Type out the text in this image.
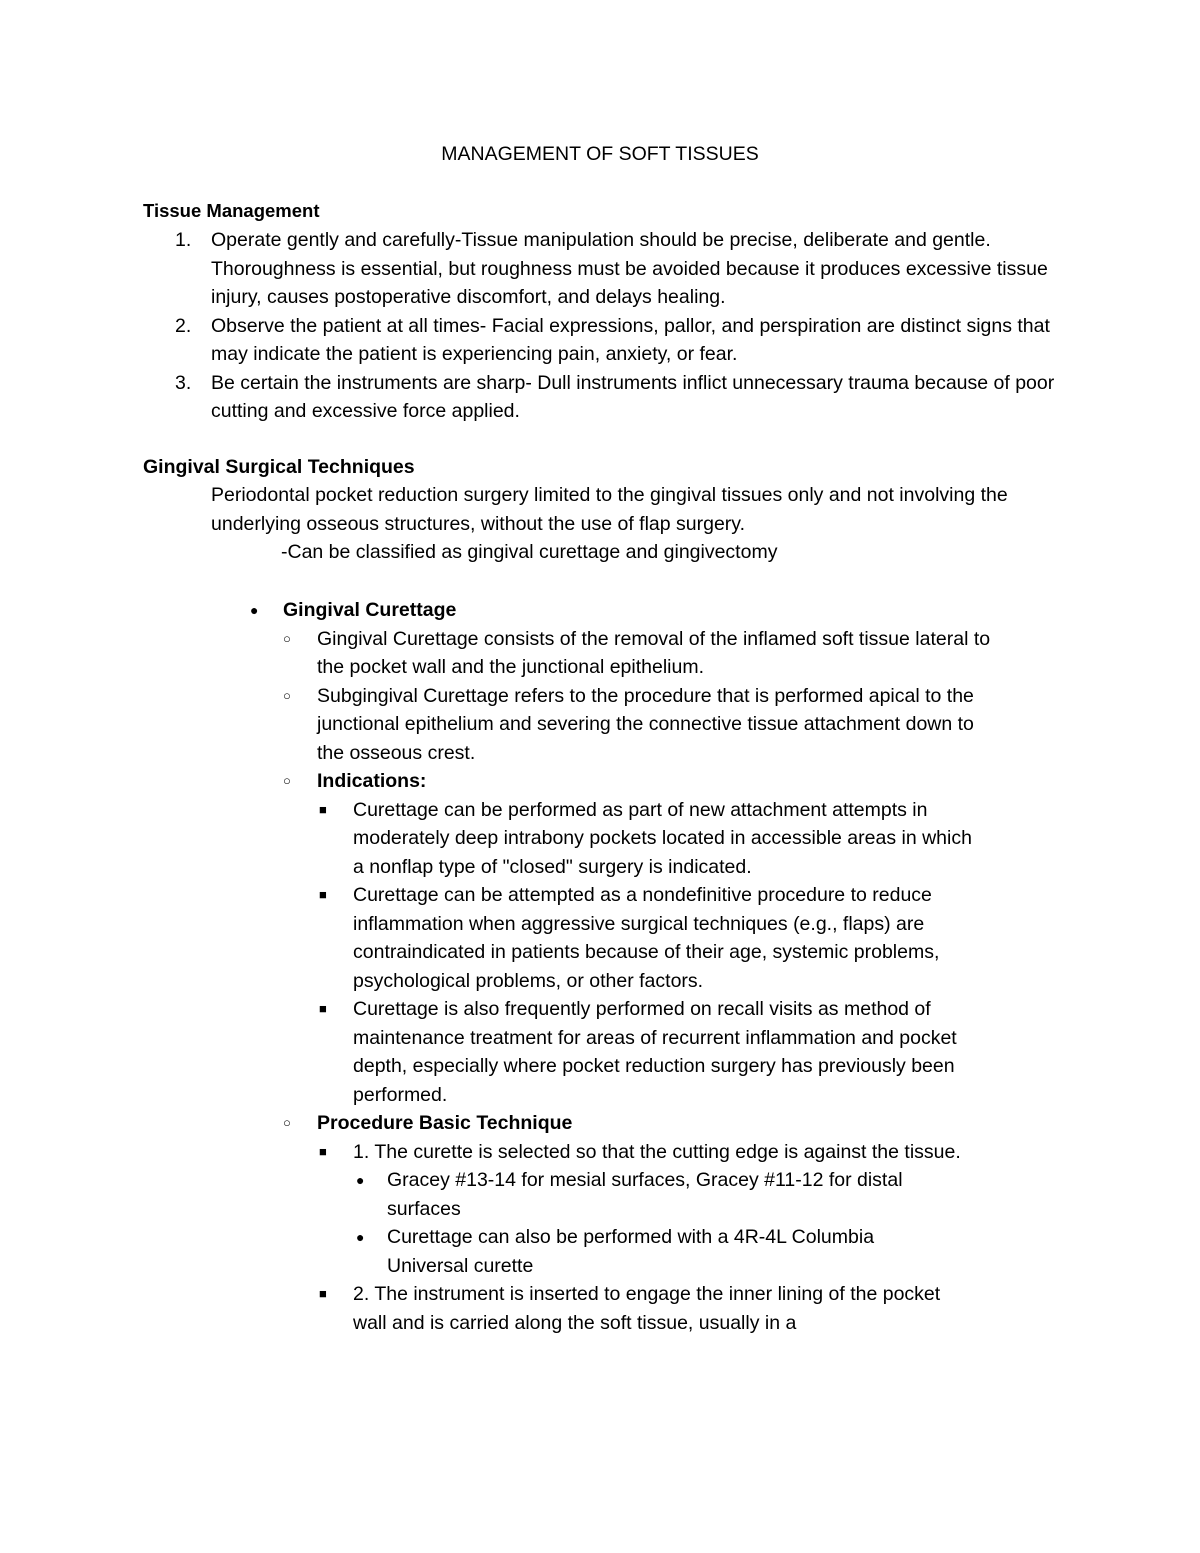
MANAGEMENT OF SOFT TISSUES
Tissue Management
1. Operate gently and carefully-Tissue manipulation should be precise, deliberate and gentle. Thoroughness is essential, but roughness must be avoided because it produces excessive tissue injury, causes postoperative discomfort, and delays healing.
2. Observe the patient at all times- Facial expressions, pallor, and perspiration are distinct signs that may indicate the patient is experiencing pain, anxiety, or fear.
3. Be certain the instruments are sharp- Dull instruments inflict unnecessary trauma because of poor cutting and excessive force applied.
Gingival Surgical Techniques
Periodontal pocket reduction surgery limited to the gingival tissues only and not involving the underlying osseous structures, without the use of flap surgery.
-Can be classified as gingival curettage and gingivectomy
● Gingival Curettage
○ Gingival Curettage consists of the removal of the inflamed soft tissue lateral to the pocket wall and the junctional epithelium.
○ Subgingival Curettage refers to the procedure that is performed apical to the junctional epithelium and severing the connective tissue attachment down to the osseous crest.
○ Indications:
■ Curettage can be performed as part of new attachment attempts in moderately deep intrabony pockets located in accessible areas in which a nonflap type of "closed" surgery is indicated.
■ Curettage can be attempted as a nondefinitive procedure to reduce inflammation when aggressive surgical techniques (e.g., flaps) are contraindicated in patients because of their age, systemic problems, psychological problems, or other factors.
■ Curettage is also frequently performed on recall visits as method of maintenance treatment for areas of recurrent inflammation and pocket depth, especially where pocket reduction surgery has previously been performed.
○ Procedure Basic Technique
■ 1. The curette is selected so that the cutting edge is against the tissue.
● Gracey #13-14 for mesial surfaces, Gracey #11-12 for distal surfaces
● Curettage can also be performed with a 4R-4L Columbia Universal curette
■ 2. The instrument is inserted to engage the inner lining of the pocket wall and is carried along the soft tissue, usually in a
